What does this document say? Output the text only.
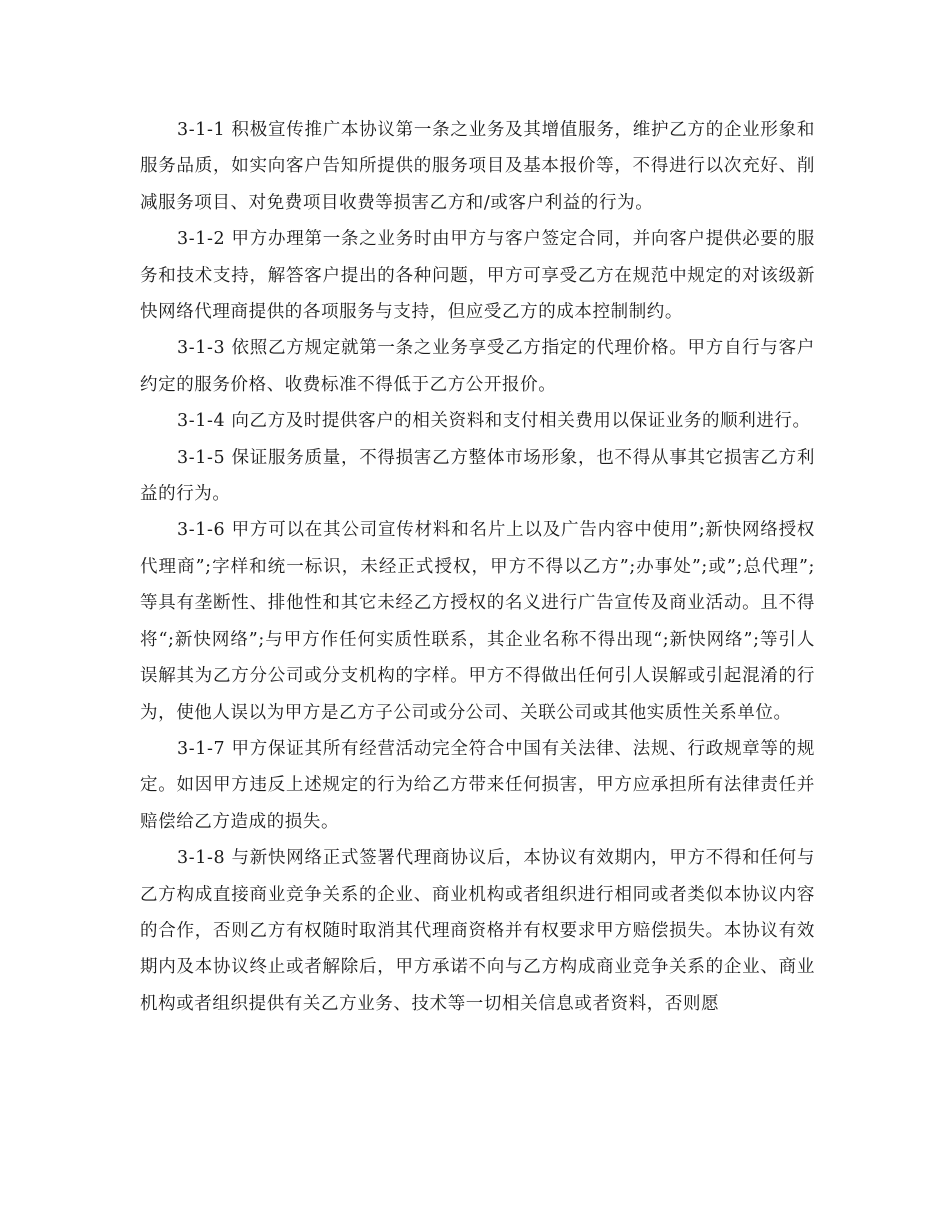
3-1-1 积极宣传推广本协议第一条之业务及其增值服务，维护乙方的企业形象和服务品质，如实向客户告知所提供的服务项目及基本报价等，不得进行以次充好、削减服务项目、对免费项目收费等损害乙方和/或客户利益的行为。

3-1-2 甲方办理第一条之业务时由甲方与客户签定合同，并向客户提供必要的服务和技术支持，解答客户提出的各种问题，甲方可享受乙方在规范中规定的对该级新快网络代理商提供的各项服务与支持，但应受乙方的成本控制制约。

3-1-3 依照乙方规定就第一条之业务享受乙方指定的代理价格。甲方自行与客户约定的服务价格、收费标准不得低于乙方公开报价。

3-1-4 向乙方及时提供客户的相关资料和支付相关费用以保证业务的顺利进行。

3-1-5 保证服务质量，不得损害乙方整体市场形象，也不得从事其它损害乙方利益的行为。

3-1-6 甲方可以在其公司宣传材料和名片上以及广告内容中使用”;新快网络授权代理商”;字样和统一标识，未经正式授权，甲方不得以乙方”;办事处”;或”;总代理”;等具有垄断性、排他性和其它未经乙方授权的名义进行广告宣传及商业活动。且不得将“;新快网络”;与甲方作任何实质性联系，其企业名称不得出现“;新快网络”;等引人误解其为乙方分公司或分支机构的字样。甲方不得做出任何引人误解或引起混淆的行为，使他人误以为甲方是乙方子公司或分公司、关联公司或其他实质性关系单位。

3-1-7 甲方保证其所有经营活动完全符合中国有关法律、法规、行政规章等的规定。如因甲方违反上述规定的行为给乙方带来任何损害，甲方应承担所有法律责任并赔偿给乙方造成的损失。

3-1-8 与新快网络正式签署代理商协议后，本协议有效期内，甲方不得和任何与乙方构成直接商业竞争关系的企业、商业机构或者组织进行相同或者类似本协议内容的合作，否则乙方有权随时取消其代理商资格并有权要求甲方赔偿损失。本协议有效期内及本协议终止或者解除后，甲方承诺不向与乙方构成商业竞争关系的企业、商业机构或者组织提供有关乙方业务、技术等一切相关信息或者资料，否则愿
